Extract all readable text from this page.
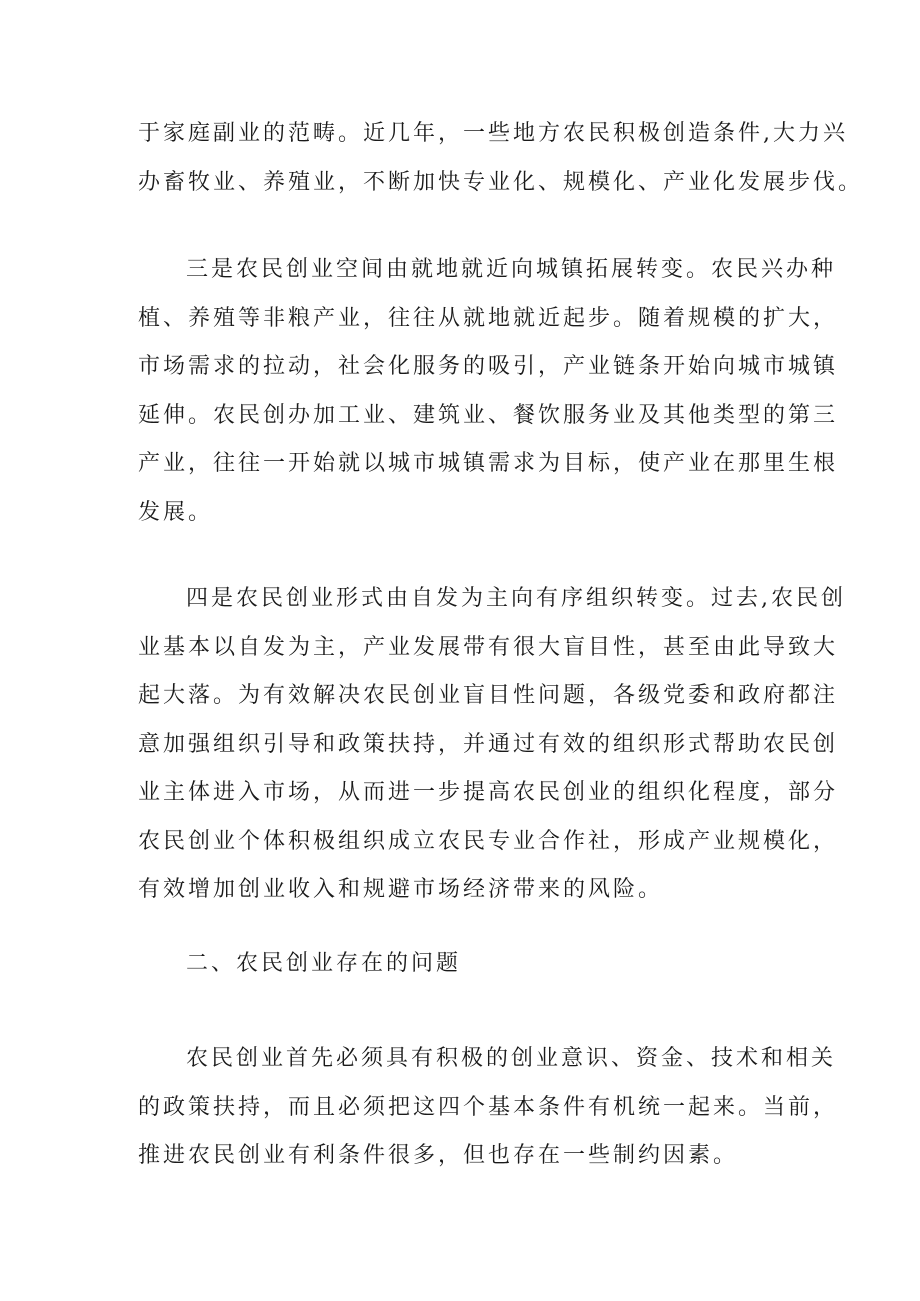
于家庭副业的范畴。近几年，一些地方农民积极创造条件,大力兴
办畜牧业、养殖业，不断加快专业化、规模化、产业化发展步伐。

三是农民创业空间由就地就近向城镇拓展转变。农民兴办种
植、养殖等非粮产业，往往从就地就近起步。随着规模的扩大，
市场需求的拉动，社会化服务的吸引，产业链条开始向城市城镇
延伸。农民创办加工业、建筑业、餐饮服务业及其他类型的第三
产业，往往一开始就以城市城镇需求为目标，使产业在那里生根
发展。

四是农民创业形式由自发为主向有序组织转变。过去,农民创
业基本以自发为主，产业发展带有很大盲目性，甚至由此导致大
起大落。为有效解决农民创业盲目性问题，各级党委和政府都注
意加强组织引导和政策扶持，并通过有效的组织形式帮助农民创
业主体进入市场，从而进一步提高农民创业的组织化程度，部分
农民创业个体积极组织成立农民专业合作社，形成产业规模化，
有效增加创业收入和规避市场经济带来的风险。

二、农民创业存在的问题

农民创业首先必须具有积极的创业意识、资金、技术和相关
的政策扶持，而且必须把这四个基本条件有机统一起来。当前，
推进农民创业有利条件很多，但也存在一些制约因素。
